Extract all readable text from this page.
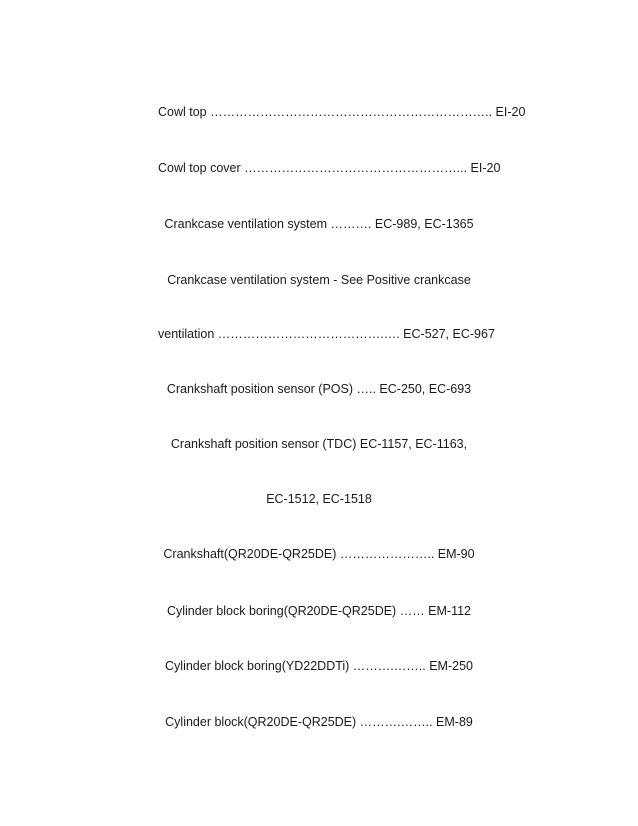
Cowl top ………………………………………………………….. EI-20
Cowl top cover ……………………………………………... EI-20
Crankcase ventilation system ………. EC-989, EC-1365
Crankcase ventilation system - See Positive crankcase
ventilation ………………………………….…. EC-527, EC-967
Crankshaft position sensor (POS) ….. EC-250, EC-693
Crankshaft position sensor (TDC) EC-1157, EC-1163,
EC-1512, EC-1518
Crankshaft(QR20DE-QR25DE) ………………….. EM-90
Cylinder block boring(QR20DE-QR25DE) …… EM-112
Cylinder block boring(YD22DDTi) ……….…….. EM-250
Cylinder block(QR20DE-QR25DE) ……….…….. EM-89
